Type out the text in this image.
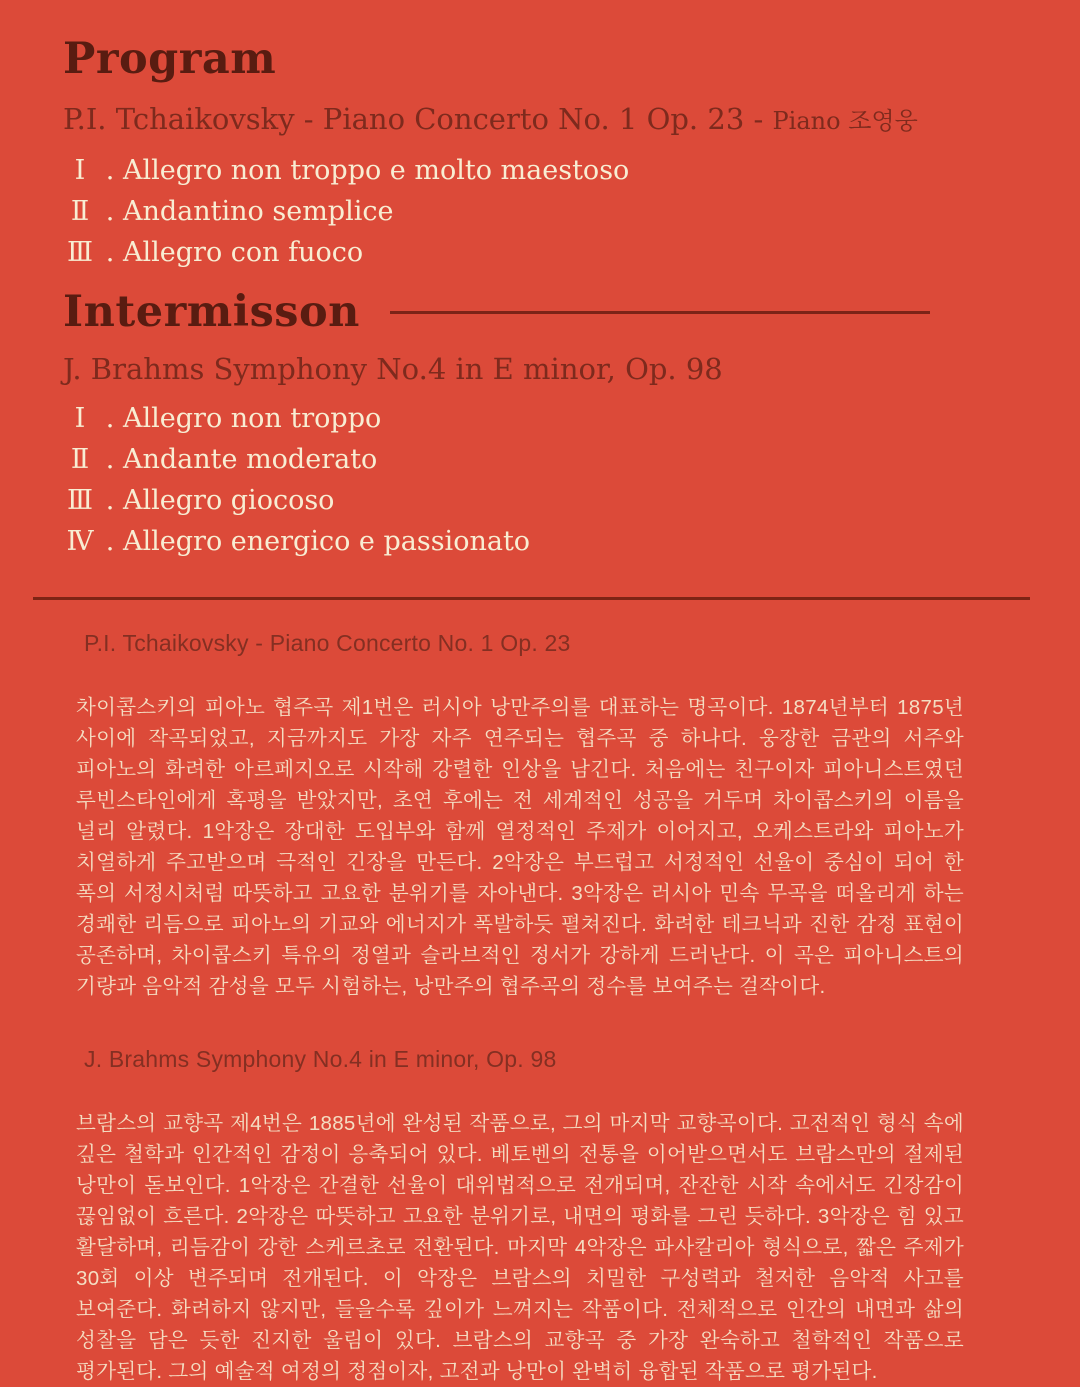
Program
P.I. Tchaikovsky - Piano Concerto No. 1 Op. 23 - Piano 조영웅
Ⅰ . Allegro non troppo e molto maestoso
Ⅱ . Andantino semplice
Ⅲ . Allegro con fuoco
Intermisson
J. Brahms Symphony No.4 in E minor, Op. 98
Ⅰ . Allegro non troppo
Ⅱ . Andante moderato
Ⅲ . Allegro giocoso
Ⅳ . Allegro energico e passionato
P.I. Tchaikovsky - Piano Concerto No. 1 Op. 23

차이콥스키의 피아노 협주곡 제1번은 러시아 낭만주의를 대표하는 명곡이다. 1874년부터 1875년 사이에 작곡되었고, 지금까지도 가장 자주 연주되는 협주곡 중 하나다. 웅장한 금관의 서주와 피아노의 화려한 아르페지오로 시작해 강렬한 인상을 남긴다. 처음에는 친구이자 피아니스트였던 루빈스타인에게 혹평을 받았지만, 초연 후에는 전 세계적인 성공을 거두며 차이콥스키의 이름을 널리 알렸다. 1악장은 장대한 도입부와 함께 열정적인 주제가 이어지고, 오케스트라와 피아노가 치열하게 주고받으며 극적인 긴장을 만든다. 2악장은 부드럽고 서정적인 선율이 중심이 되어 한 폭의 서정시처럼 따뜻하고 고요한 분위기를 자아낸다. 3악장은 러시아 민속 무곡을 떠올리게 하는 경쾌한 리듬으로 피아노의 기교와 에너지가 폭발하듯 펼쳐진다. 화려한 테크닉과 진한 감정 표현이 공존하며, 차이콥스키 특유의 정열과 슬라브적인 정서가 강하게 드러난다. 이 곡은 피아니스트의 기량과 음악적 감성을 모두 시험하는, 낭만주의 협주곡의 정수를 보여주는 걸작이다.

J. Brahms Symphony No.4 in E minor, Op. 98

브람스의 교향곡 제4번은 1885년에 완성된 작품으로, 그의 마지막 교향곡이다. 고전적인 형식 속에 깊은 철학과 인간적인 감정이 응축되어 있다. 베토벤의 전통을 이어받으면서도 브람스만의 절제된 낭만이 돋보인다. 1악장은 간결한 선율이 대위법적으로 전개되며, 잔잔한 시작 속에서도 긴장감이 끊임없이 흐른다. 2악장은 따뜻하고 고요한 분위기로, 내면의 평화를 그린 듯하다. 3악장은 힘 있고 활달하며, 리듬감이 강한 스케르초로 전환된다. 마지막 4악장은 파사칼리아 형식으로, 짧은 주제가 30회 이상 변주되며 전개된다. 이 악장은 브람스의 치밀한 구성력과 철저한 음악적 사고를 보여준다. 화려하지 않지만, 들을수록 깊이가 느껴지는 작품이다. 전체적으로 인간의 내면과 삶의 성찰을 담은 듯한 진지한 울림이 있다. 브람스의 교향곡 중 가장 완숙하고 철학적인 작품으로 평가된다. 그의 예술적 여정의 정점이자, 고전과 낭만이 완벽히 융합된 작품으로 평가된다.
